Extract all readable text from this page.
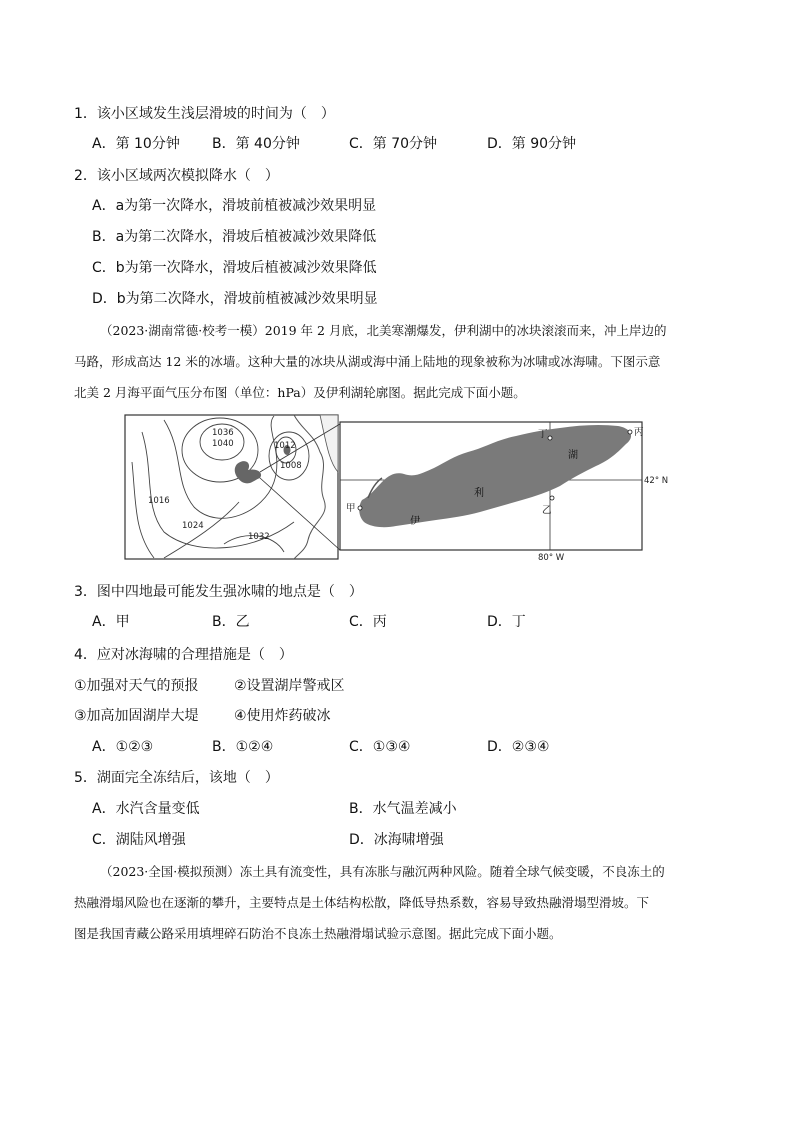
1．该小区域发生浅层滑坡的时间为（　）
A．第 10分钟 B．第 40分钟	C．第 70分钟	D．第 90分钟
2．该小区域两次模拟降水（　）
A．a为第一次降水，滑坡前植被减沙效果明显
B．a为第二次降水，滑坡后植被减沙效果降低
C．b为第一次降水，滑坡后植被减沙效果降低
D．b为第二次降水，滑坡前植被减沙效果明显
（2023·湖南常德·校考一模）2019 年 2 月底，北美寒潮爆发，伊利湖中的冰块滚滚而来，冲上岸边的
马路，形成高达 12 米的冰墙。这种大量的冰块从湖或海中涌上陆地的现象被称为冰啸或冰海啸。下图示意
北美 2 月海平面气压分布图（单位：hPa）及伊利湖轮廓图。据此完成下面小题。
1036
1040	1012
1008
1016
1024
1032
湖
利
伊
丁	丙
甲	乙
42° N
80° W
3．图中四地最可能发生强冰啸的地点是（　）
A．甲	B．乙	C．丙	D．丁
4．应对冰海啸的合理措施是（　）
①加强对天气的预报	②设置湖岸警戒区
③加高加固湖岸大堤	④使用炸药破冰
A．①②③	B．①②④	C．①③④	D．②③④
5．湖面完全冻结后，该地（　）
A．水汽含量变低	B．水气温差减小
C．湖陆风增强	D．冰海啸增强
（2023·全国·模拟预测）冻土具有流变性，具有冻胀与融沉两种风险。随着全球气候变暖，不良冻土的
热融滑塌风险也在逐渐的攀升，主要特点是土体结构松散，降低导热系数，容易导致热融滑塌型滑坡。下
图是我国青藏公路采用填埋碎石防治不良冻土热融滑塌试验示意图。据此完成下面小题。
